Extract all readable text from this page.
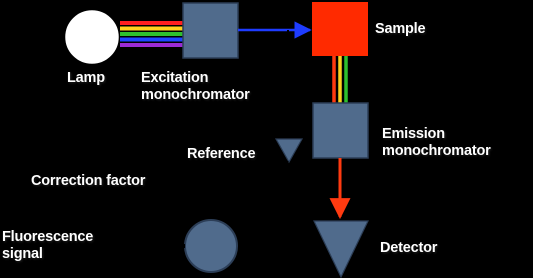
Lamp Excitation
monochromator
Sample
Emission
monochromator
Reference
Correction factor
Fluorescence
signal	Detector
